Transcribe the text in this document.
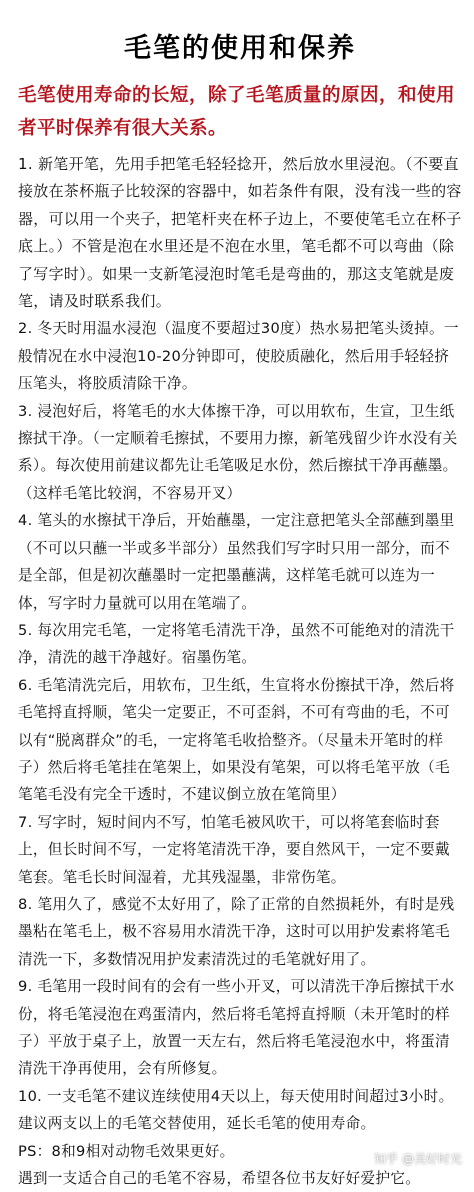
毛笔的使用和保养

毛笔使用寿命的长短，除了毛笔质量的原因，和使用者平时保养有很大关系。

1. 新笔开笔，先用手把笔毛轻轻捻开，然后放水里浸泡。（不要直接放在茶杯瓶子比较深的容器中，如若条件有限，没有浅一些的容器，可以用一个夹子，把笔杆夹在杯子边上，不要使笔毛立在杯子底上。）不管是泡在水里还是不泡在水里，笔毛都不可以弯曲（除了写字时）。如果一支新笔浸泡时笔毛是弯曲的，那这支笔就是废笔，请及时联系我们。

2. 冬天时用温水浸泡（温度不要超过30度）热水易把笔头烫掉。一般情况在水中浸泡10-20分钟即可，使胶质融化，然后用手轻轻挤压笔头，将胶质清除干净。

3. 浸泡好后，将笔毛的水大体擦干净，可以用软布，生宣，卫生纸擦拭干净。（一定顺着毛擦拭，不要用力擦，新笔残留少许水没有关系）。每次使用前建议都先让毛笔吸足水份，然后擦拭干净再蘸墨。（这样毛笔比较润，不容易开叉）

4. 笔头的水擦拭干净后，开始蘸墨，一定注意把笔头全部蘸到墨里（不可以只蘸一半或多半部分）虽然我们写字时只用一部分，而不是全部，但是初次蘸墨时一定把墨蘸满，这样笔毛就可以连为一体，写字时力量就可以用在笔端了。

5. 每次用完毛笔，一定将笔毛清洗干净，虽然不可能绝对的清洗干净，清洗的越干净越好。宿墨伤笔。

6. 毛笔清洗完后，用软布，卫生纸，生宣将水份擦拭干净，然后将毛笔捋直捋顺，笔尖一定要正，不可歪斜，不可有弯曲的毛，不可以有“脱离群众”的毛，一定将笔毛收拾整齐。（尽量未开笔时的样子）然后将毛笔挂在笔架上，如果没有笔架，可以将毛笔平放（毛笔笔毛没有完全干透时，不建议倒立放在笔筒里）

7. 写字时，短时间内不写，怕笔毛被风吹干，可以将笔套临时套上，但长时间不写，一定将笔清洗干净，要自然风干，一定不要戴笔套。笔毛长时间湿着，尤其残湿墨，非常伤笔。

8. 笔用久了，感觉不太好用了，除了正常的自然损耗外，有时是残墨粘在笔毛上，极不容易用水清洗干净，这时可以用护发素将笔毛清洗一下，多数情况用护发素清洗过的毛笔就好用了。

9. 毛笔用一段时间有的会有一些小开叉，可以清洗干净后擦拭干水份，将毛笔浸泡在鸡蛋清内，然后将毛笔捋直捋顺（未开笔时的样子）平放于桌子上，放置一天左右，然后将毛笔浸泡水中，将蛋清清洗干净再使用，会有所修复。

10. 一支毛笔不建议连续使用4天以上，每天使用时间超过3小时。建议两支以上的毛笔交替使用，延长毛笔的使用寿命。

PS：8和9相对动物毛效果更好。

遇到一支适合自己的毛笔不容易，希望各位书友好好爱护它。

知乎 @美好时光
